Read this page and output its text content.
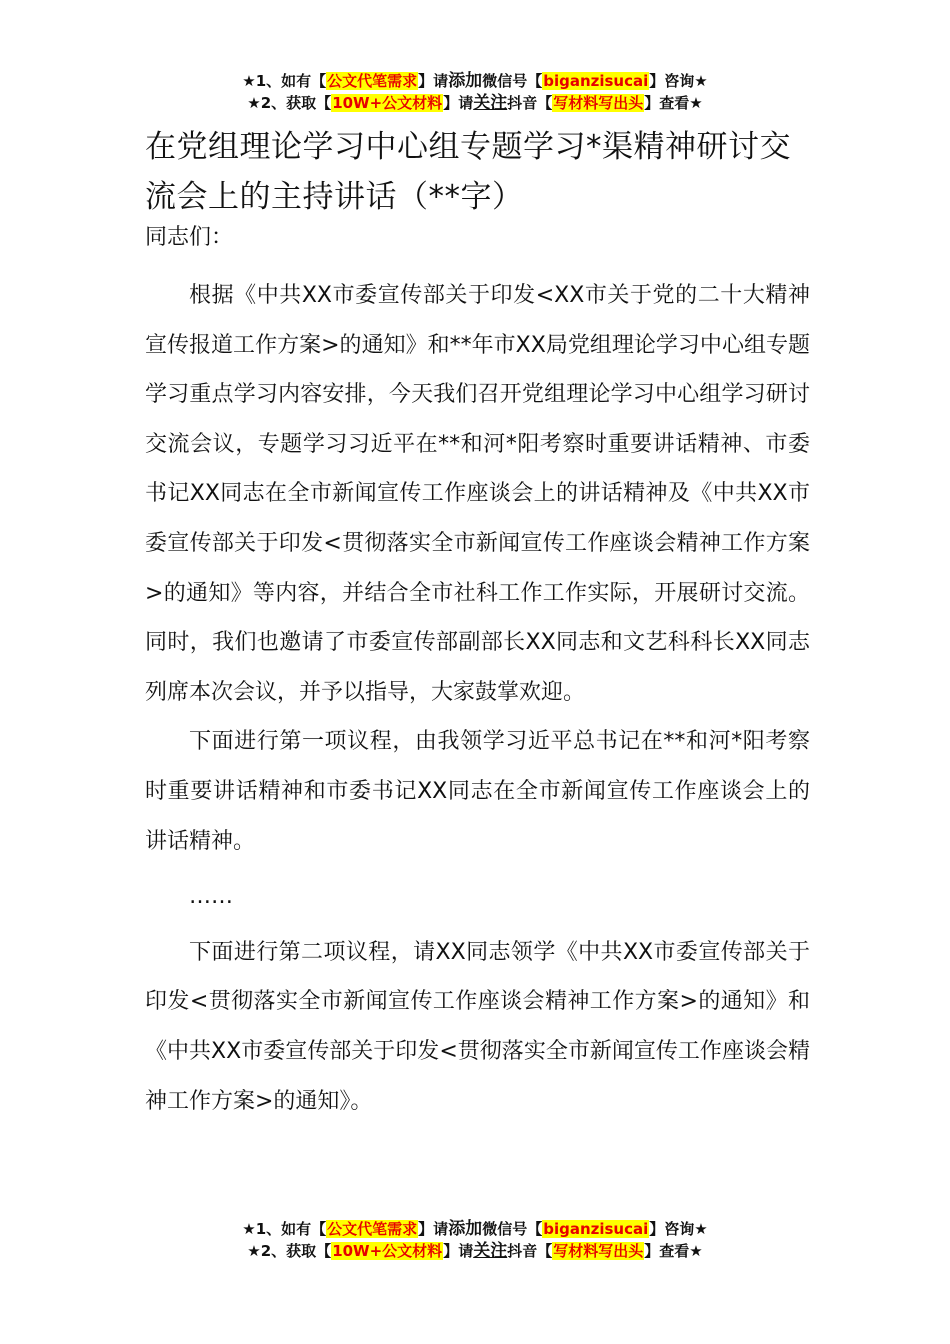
★1、如有【公文代笔需求】请添加微信号【biganzisucai】咨询★
★2、获取【10W+公文材料】请关注抖音【写材料写出头】查看★
在党组理论学习中心组专题学习*渠精神研讨交流会上的主持讲话（**字）
同志们：

根据《中共XX市委宣传部关于印发<XX市关于党的二十大精神宣传报道工作方案>的通知》和**年市XX局党组理论学习中心组专题学习重点学习内容安排，今天我们召开党组理论学习中心组学习研讨交流会议，专题学习习近平在**和河*阳考察时重要讲话精神、市委书记XX同志在全市新闻宣传工作座谈会上的讲话精神及《中共XX市委宣传部关于印发<贯彻落实全市新闻宣传工作座谈会精神工作方案>的通知》等内容，并结合全市社科工作工作实际，开展研讨交流。同时，我们也邀请了市委宣传部副部长XX同志和文艺科科长XX同志列席本次会议，并予以指导，大家鼓掌欢迎。

下面进行第一项议程，由我领学习近平总书记在**和河*阳考察时重要讲话精神和市委书记XX同志在全市新闻宣传工作座谈会上的讲话精神。

……

下面进行第二项议程，请XX同志领学《中共XX市委宣传部关于印发<贯彻落实全市新闻宣传工作座谈会精神工作方案>的通知》和《中共XX市委宣传部关于印发<贯彻落实全市新闻宣传工作座谈会精神工作方案>的通知》。

★1、如有【公文代笔需求】请添加微信号【biganzisucai】咨询★
★2、获取【10W+公文材料】请关注抖音【写材料写出头】查看★
